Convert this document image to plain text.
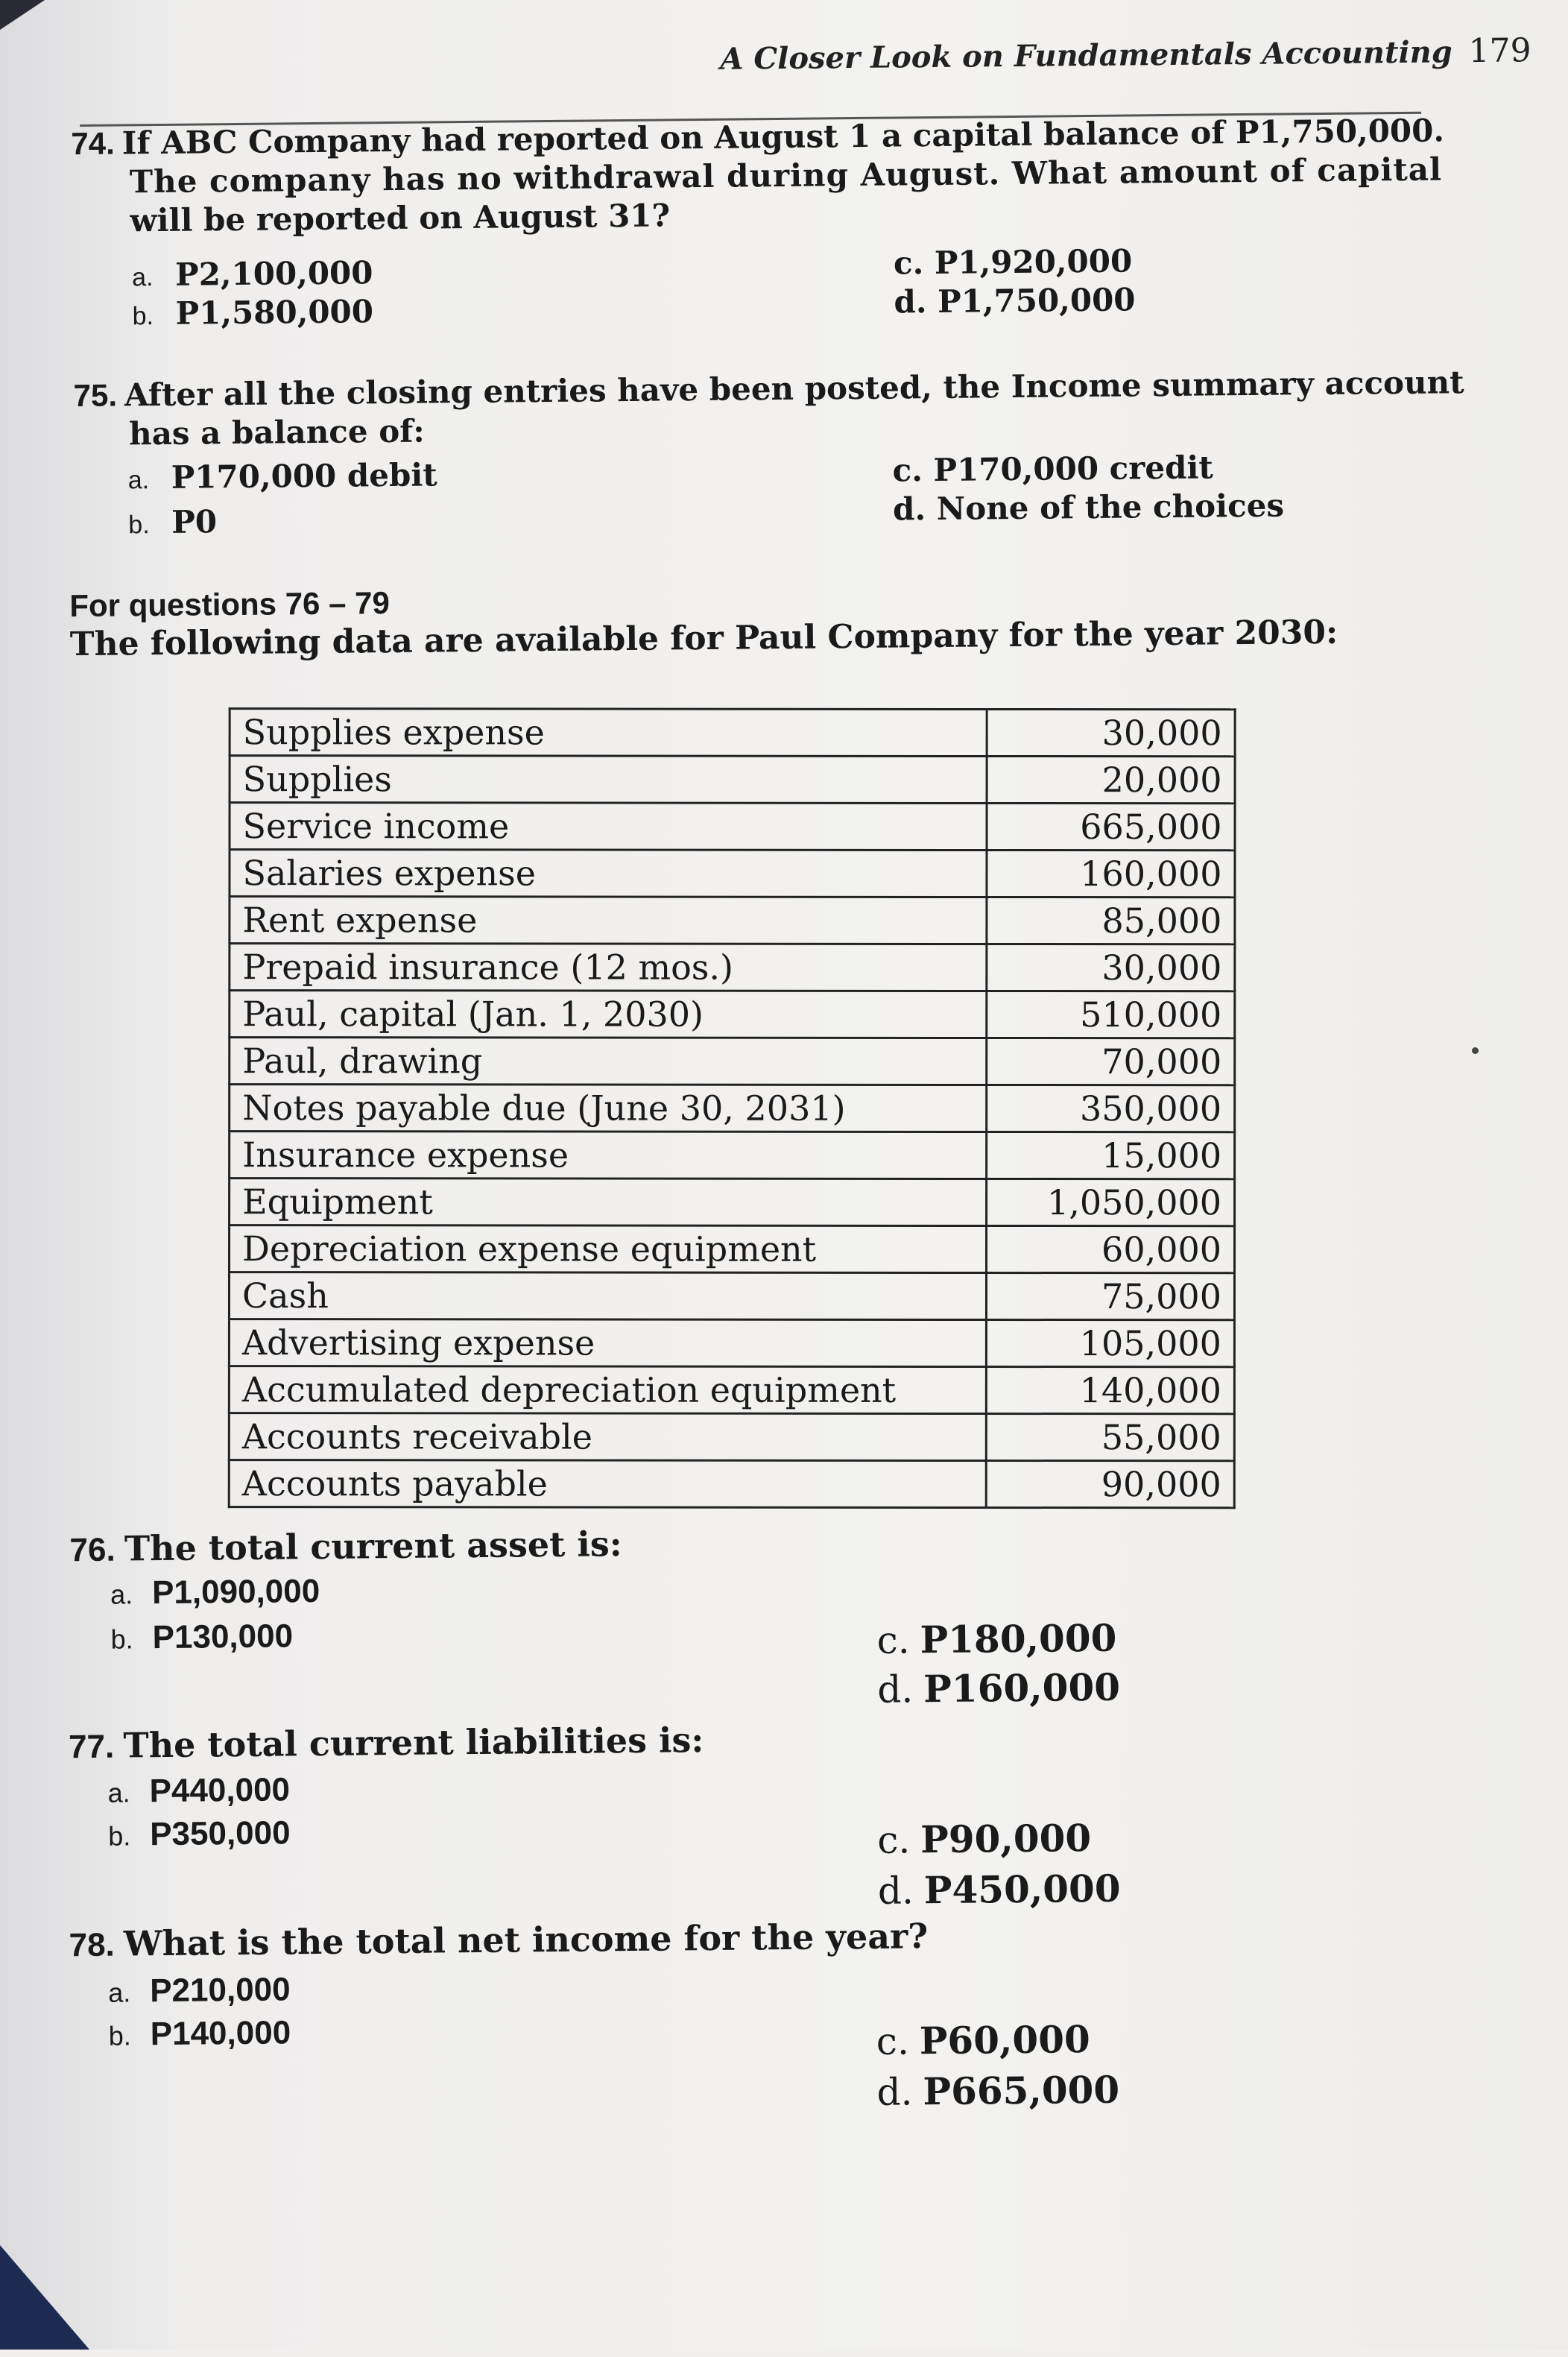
A Closer Look on Fundamentals Accounting 179
74. If ABC Company had reported on August 1 a capital balance of P1,750,000.
The company has no withdrawal during August. What amount of capital
will be reported on August 31?
a. P2,100,000
b. P1,580,000
c. P1,920,000
d. P1,750,000
75. After all the closing entries have been posted, the Income summary account
has a balance of:
a. P170,000 debit
b. P0
c. P170,000 credit
d. None of the choices
For questions 76 – 79
The following data are available for Paul Company for the year 2030:
Supplies expense	30,000
Supplies	20,000
Service income	665,000
Salaries expense	160,000
Rent expense	85,000
Prepaid insurance (12 mos.)	30,000
Paul, capital (Jan. 1, 2030)	510,000
Paul, drawing	70,000
Notes payable due (June 30, 2031)	350,000
Insurance expense	15,000
Equipment	1,050,000
Depreciation expense equipment	60,000
Cash	75,000
Advertising expense	105,000
Accumulated depreciation equipment	140,000
Accounts receivable	55,000
Accounts payable	90,000
76. The total current asset is:
a. P1,090,000
b. P130,000	c. P180,000
d. P160,000
77. The total current liabilities is:
a. P440,000
b. P350,000	c. P90,000
d. P450,000
78. What is the total net income for the year?
a. P210,000
b. P140,000	c. P60,000
d. P665,000
